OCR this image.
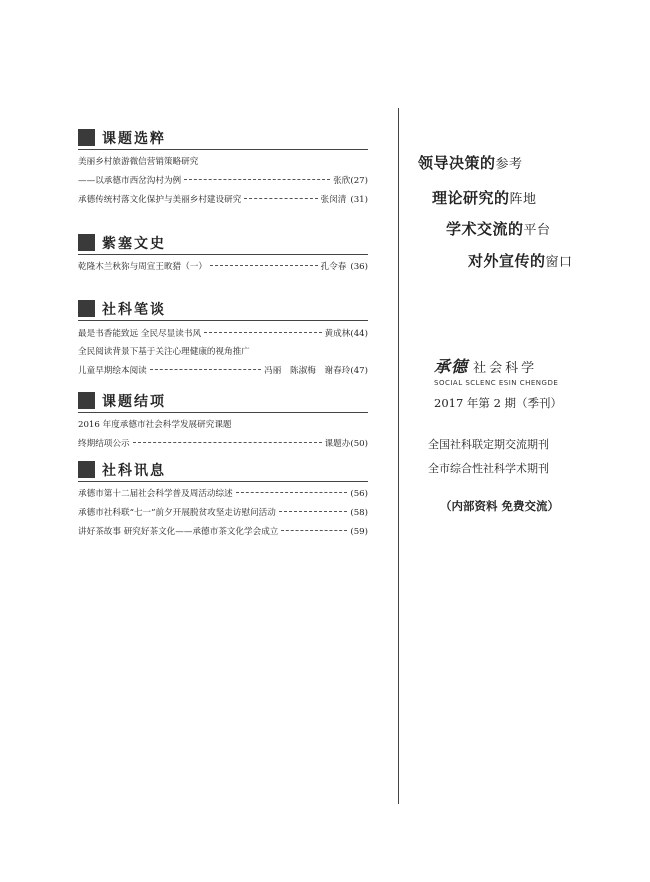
课题选粹
美丽乡村旅游微信营销策略研究
——以承德市西岔沟村为例	张欣 (27)
承德传统村落文化保护与美丽乡村建设研究	张闵清 (31)
紫塞文史
乾隆木兰秋狝与周宣王畋猎（一）	孔令春 (36)
社科笔谈
最是书香能致远 全民尽显读书风	黄成林 (44)
全民阅读背景下基于关注心理健康的视角推广
儿童早期绘本阅读	冯丽 陈淑梅 谢春玲 (47)
课题结项
2016 年度承德市社会科学发展研究课题
终期结项公示	课题办 (50)
社科讯息
承德市第十二届社会科学普及周活动综述	(56)
承德市社科联“七一”前夕开展脱贫攻坚走访慰问活动	(58)
讲好茶故事 研究好茶文化——承德市茶文化学会成立	(59)
领导决策的参考
理论研究的阵地
学术交流的平台
对外宣传的窗口
承德 社会科学
SOCIAL SCLENC ESIN CHENGDE
2017 年第 2 期（季刊）
全国社科联定期交流期刊
全市综合性社科学术期刊
（内部资料 免费交流）
